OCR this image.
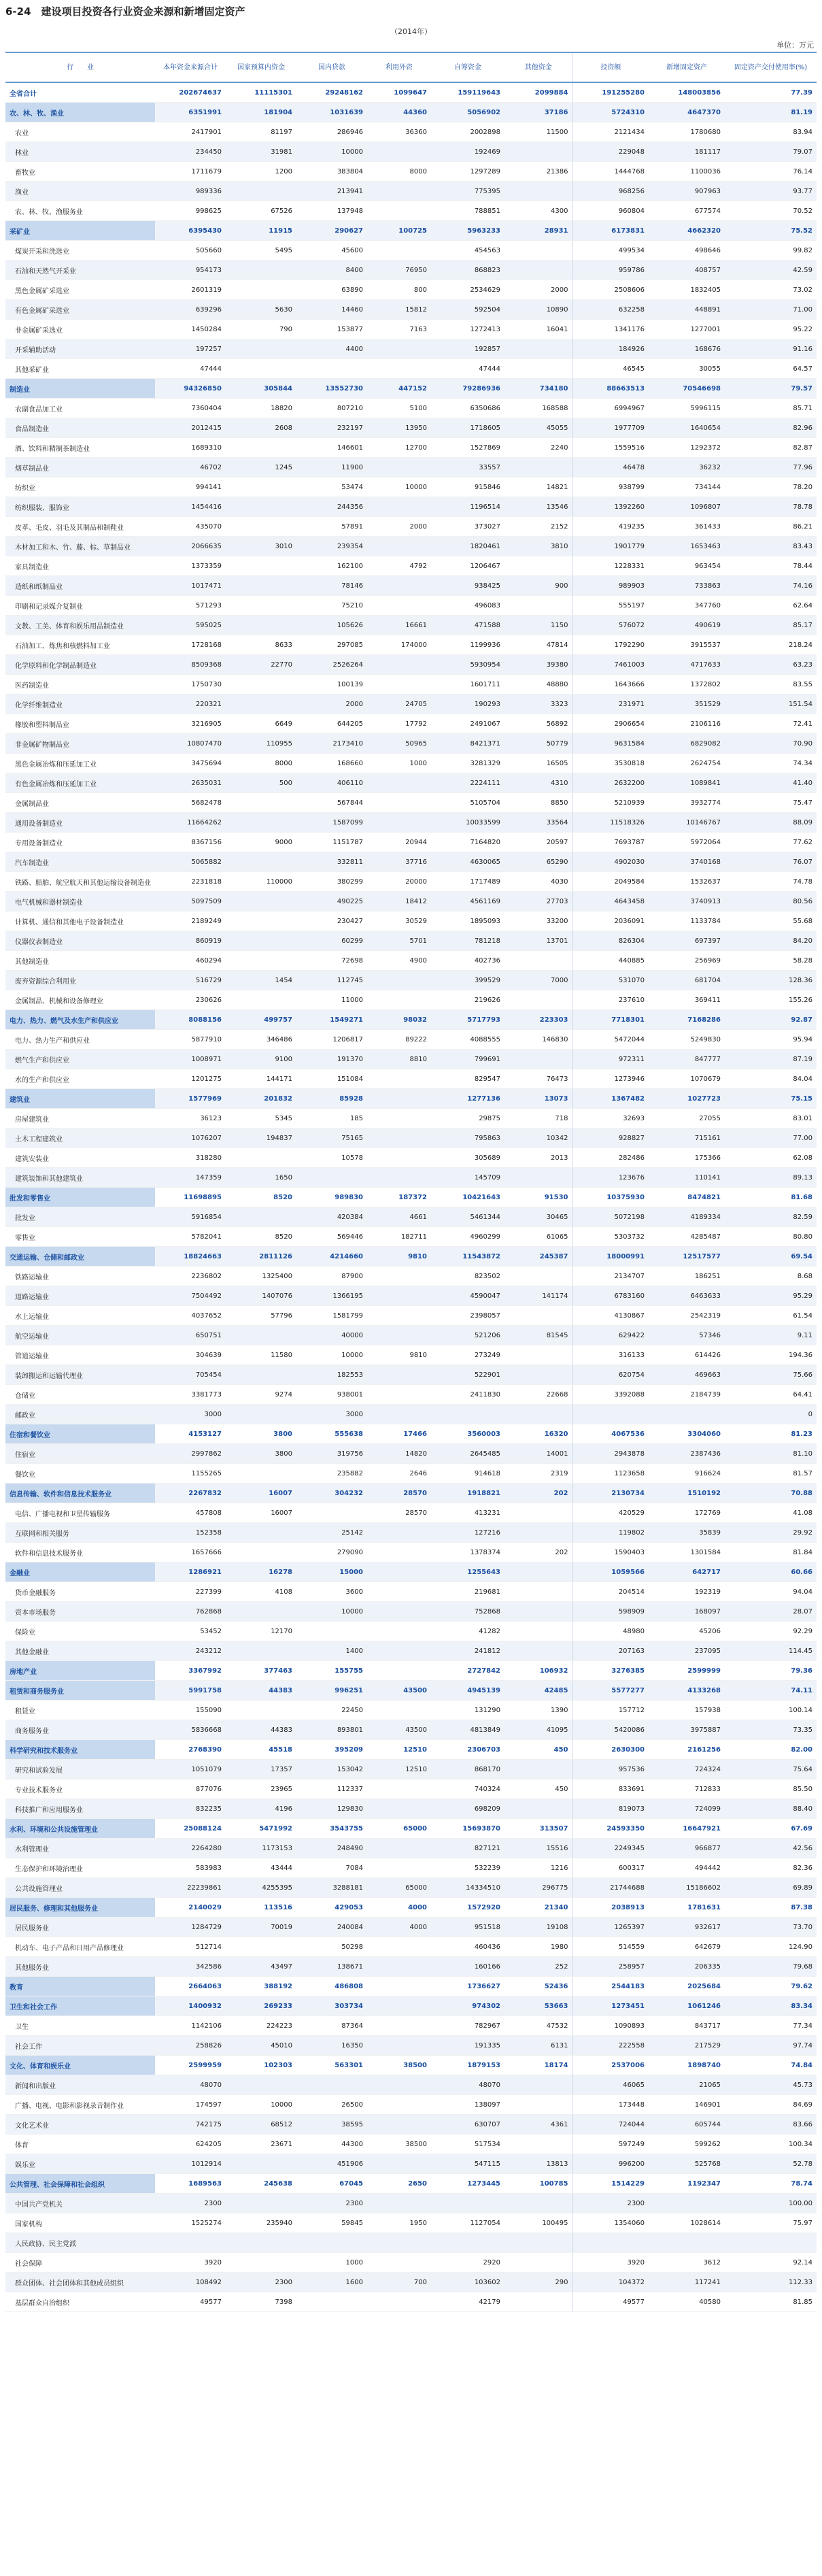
6-24　建设项目投资各行业资金来源和新增固定资产
（2014年）
单位：万元
行　　业	本年资金来源合计	国家预算内资金	国内贷款	利用外资	自筹资金	其他资金	投资额	新增固定资产	固定资产交付使用率(%)
全省合计	202674637	11115301	29248162	1099647	159119643	2099884	191255280	148003856	77.39
农、林、牧、渔业	6351991	181904	1031639	44360	5056902	37186	5724310	4647370	81.19
农业	2417901	81197	286946	36360	2002898	11500	2121434	1780680	83.94
林业	234450	31981	10000		192469		229048	181117	79.07
畜牧业	1711679	1200	383804	8000	1297289	21386	1444768	1100036	76.14
渔业	989336		213941		775395		968256	907963	93.77
农、林、牧、渔服务业	998625	67526	137948		788851	4300	960804	677574	70.52
采矿业	6395430	11915	290627	100725	5963233	28931	6173831	4662320	75.52
煤炭开采和洗选业	505660	5495	45600		454563		499534	498646	99.82
石油和天然气开采业	954173		8400	76950	868823		959786	408757	42.59
黑色金属矿采选业	2601319		63890	800	2534629	2000	2508606	1832405	73.02
有色金属矿采选业	639296	5630	14460	15812	592504	10890	632258	448891	71.00
非金属矿采选业	1450284	790	153877	7163	1272413	16041	1341176	1277001	95.22
开采辅助活动	197257		4400		192857		184926	168676	91.16
其他采矿业	47444				47444		46545	30055	64.57
制造业	94326850	305844	13552730	447152	79286936	734180	88663513	70546698	79.57
农副食品加工业	7360404	18820	807210	5100	6350686	168588	6994967	5996115	85.71
食品制造业	2012415	2608	232197	13950	1718605	45055	1977709	1640654	82.96
酒、饮料和精制茶制造业	1689310		146601	12700	1527869	2240	1559516	1292372	82.87
烟草制品业	46702	1245	11900		33557		46478	36232	77.96
纺织业	994141		53474	10000	915846	14821	938799	734144	78.20
纺织服装、服饰业	1454416		244356		1196514	13546	1392260	1096807	78.78
皮革、毛皮、羽毛及其制品和制鞋业	435070		57891	2000	373027	2152	419235	361433	86.21
木材加工和木、竹、藤、棕、草制品业	2066635	3010	239354		1820461	3810	1901779	1653463	83.43
家具制造业	1373359		162100	4792	1206467		1228331	963454	78.44
造纸和纸制品业	1017471		78146		938425	900	989903	733863	74.16
印刷和记录媒介复制业	571293		75210		496083		555197	347760	62.64
文教、工美、体育和娱乐用品制造业	595025		105626	16661	471588	1150	576072	490619	85.17
石油加工、炼焦和核燃料加工业	1728168	8633	297085	174000	1199936	47814	1792290	3915537	218.24
化学原料和化学制品制造业	8509368	22770	2526264		5930954	39380	7461003	4717633	63.23
医药制造业	1750730		100139		1601711	48880	1643666	1372802	83.55
化学纤维制造业	220321		2000	24705	190293	3323	231971	351529	151.54
橡胶和塑料制品业	3216905	6649	644205	17792	2491067	56892	2906654	2106116	72.41
非金属矿物制品业	10807470	110955	2173410	50965	8421371	50779	9631584	6829082	70.90
黑色金属冶炼和压延加工业	3475694	8000	168660	1000	3281329	16505	3530818	2624754	74.34
有色金属冶炼和压延加工业	2635031	500	406110		2224111	4310	2632200	1089841	41.40
金属制品业	5682478		567844		5105704	8850	5210939	3932774	75.47
通用设备制造业	11664262		1587099		10033599	33564	11518326	10146767	88.09
专用设备制造业	8367156	9000	1151787	20944	7164820	20597	7693787	5972064	77.62
汽车制造业	5065882		332811	37716	4630065	65290	4902030	3740168	76.07
铁路、船舶、航空航天和其他运输设备制造业	2231818	110000	380299	20000	1717489	4030	2049584	1532637	74.78
电气机械和器材制造业	5097509		490225	18412	4561169	27703	4643458	3740913	80.56
计算机、通信和其他电子设备制造业	2189249		230427	30529	1895093	33200	2036091	1133784	55.68
仪器仪表制造业	860919		60299	5701	781218	13701	826304	697397	84.20
其他制造业	460294		72698	4900	402736		440885	256969	58.28
废弃资源综合利用业	516729	1454	112745		399529	7000	531070	681704	128.36
金属制品、机械和设备修理业	230626		11000		219626		237610	369411	155.26
电力、热力、燃气及水生产和供应业	8088156	499757	1549271	98032	5717793	223303	7718301	7168286	92.87
电力、热力生产和供应业	5877910	346486	1206817	89222	4088555	146830	5472044	5249830	95.94
燃气生产和供应业	1008971	9100	191370	8810	799691		972311	847777	87.19
水的生产和供应业	1201275	144171	151084		829547	76473	1273946	1070679	84.04
建筑业	1577969	201832	85928		1277136	13073	1367482	1027723	75.15
房屋建筑业	36123	5345	185		29875	718	32693	27055	83.01
土木工程建筑业	1076207	194837	75165		795863	10342	928827	715161	77.00
建筑安装业	318280		10578		305689	2013	282486	175366	62.08
建筑装饰和其他建筑业	147359	1650			145709		123676	110141	89.13
批发和零售业	11698895	8520	989830	187372	10421643	91530	10375930	8474821	81.68
批发业	5916854		420384	4661	5461344	30465	5072198	4189334	82.59
零售业	5782041	8520	569446	182711	4960299	61065	5303732	4285487	80.80
交通运输、仓储和邮政业	18824663	2811126	4214660	9810	11543872	245387	18000991	12517577	69.54
铁路运输业	2236802	1325400	87900		823502		2134707	186251	8.68
道路运输业	7504492	1407076	1366195		4590047	141174	6783160	6463633	95.29
水上运输业	4037652	57796	1581799		2398057		4130867	2542319	61.54
航空运输业	650751		40000		521206	81545	629422	57346	9.11
管道运输业	304639	11580	10000	9810	273249		316133	614426	194.36
装卸搬运和运输代理业	705454		182553		522901		620754	469663	75.66
仓储业	3381773	9274	938001		2411830	22668	3392088	2184739	64.41
邮政业	3000		3000						0
住宿和餐饮业	4153127	3800	555638	17466	3560003	16320	4067536	3304060	81.23
住宿业	2997862	3800	319756	14820	2645485	14001	2943878	2387436	81.10
餐饮业	1155265		235882	2646	914618	2319	1123658	916624	81.57
信息传输、软件和信息技术服务业	2267832	16007	304232	28570	1918821	202	2130734	1510192	70.88
电信、广播电视和卫星传输服务	457808	16007		28570	413231		420529	172769	41.08
互联网和相关服务	152358		25142		127216		119802	35839	29.92
软件和信息技术服务业	1657666		279090		1378374	202	1590403	1301584	81.84
金融业	1286921	16278	15000		1255643		1059566	642717	60.66
货币金融服务	227399	4108	3600		219681		204514	192319	94.04
资本市场服务	762868		10000		752868		598909	168097	28.07
保险业	53452	12170			41282		48980	45206	92.29
其他金融业	243212		1400		241812		207163	237095	114.45
房地产业	3367992	377463	155755		2727842	106932	3276385	2599999	79.36
租赁和商务服务业	5991758	44383	996251	43500	4945139	42485	5577277	4133268	74.11
租赁业	155090		22450		131290	1390	157712	157938	100.14
商务服务业	5836668	44383	893801	43500	4813849	41095	5420086	3975887	73.35
科学研究和技术服务业	2768390	45518	395209	12510	2306703	450	2630300	2161256	82.00
研究和试验发展	1051079	17357	153042	12510	868170		957536	724324	75.64
专业技术服务业	877076	23965	112337		740324	450	833691	712833	85.50
科技推广和应用服务业	832235	4196	129830		698209		819073	724099	88.40
水利、环境和公共设施管理业	25088124	5471992	3543755	65000	15693870	313507	24593350	16647921	67.69
水利管理业	2264280	1173153	248490		827121	15516	2249345	966877	42.56
生态保护和环境治理业	583983	43444	7084		532239	1216	600317	494442	82.36
公共设施管理业	22239861	4255395	3288181	65000	14334510	296775	21744688	15186602	69.89
居民服务、修理和其他服务业	2140029	113516	429053	4000	1572920	21340	2038913	1781631	87.38
居民服务业	1284729	70019	240084	4000	951518	19108	1265397	932617	73.70
机动车、电子产品和日用产品修理业	512714		50298		460436	1980	514559	642679	124.90
其他服务业	342586	43497	138671		160166	252	258957	206335	79.68
教育	2664063	388192	486808		1736627	52436	2544183	2025684	79.62
卫生和社会工作	1400932	269233	303734		974302	53663	1273451	1061246	83.34
卫生	1142106	224223	87364		782967	47532	1090893	843717	77.34
社会工作	258826	45010	16350		191335	6131	222558	217529	97.74
文化、体育和娱乐业	2599959	102303	563301	38500	1879153	18174	2537006	1898740	74.84
新闻和出版业	48070				48070		46065	21065	45.73
广播、电视、电影和影视录音制作业	174597	10000	26500		138097		173448	146901	84.69
文化艺术业	742175	68512	38595		630707	4361	724044	605744	83.66
体育	624205	23671	44300	38500	517534		597249	599262	100.34
娱乐业	1012914		451906		547115	13813	996200	525768	52.78
公共管理、社会保障和社会组织	1689563	245638	67045	2650	1273445	100785	1514229	1192347	78.74
中国共产党机关	2300		2300				2300		100.00
国家机构	1525274	235940	59845	1950	1127054	100495	1354060	1028614	75.97
人民政协、民主党派									
社会保障	3920		1000		2920		3920	3612	92.14
群众团体、社会团体和其他成员组织	108492	2300	1600	700	103602	290	104372	117241	112.33
基层群众自治组织	49577	7398			42179		49577	40580	81.85
